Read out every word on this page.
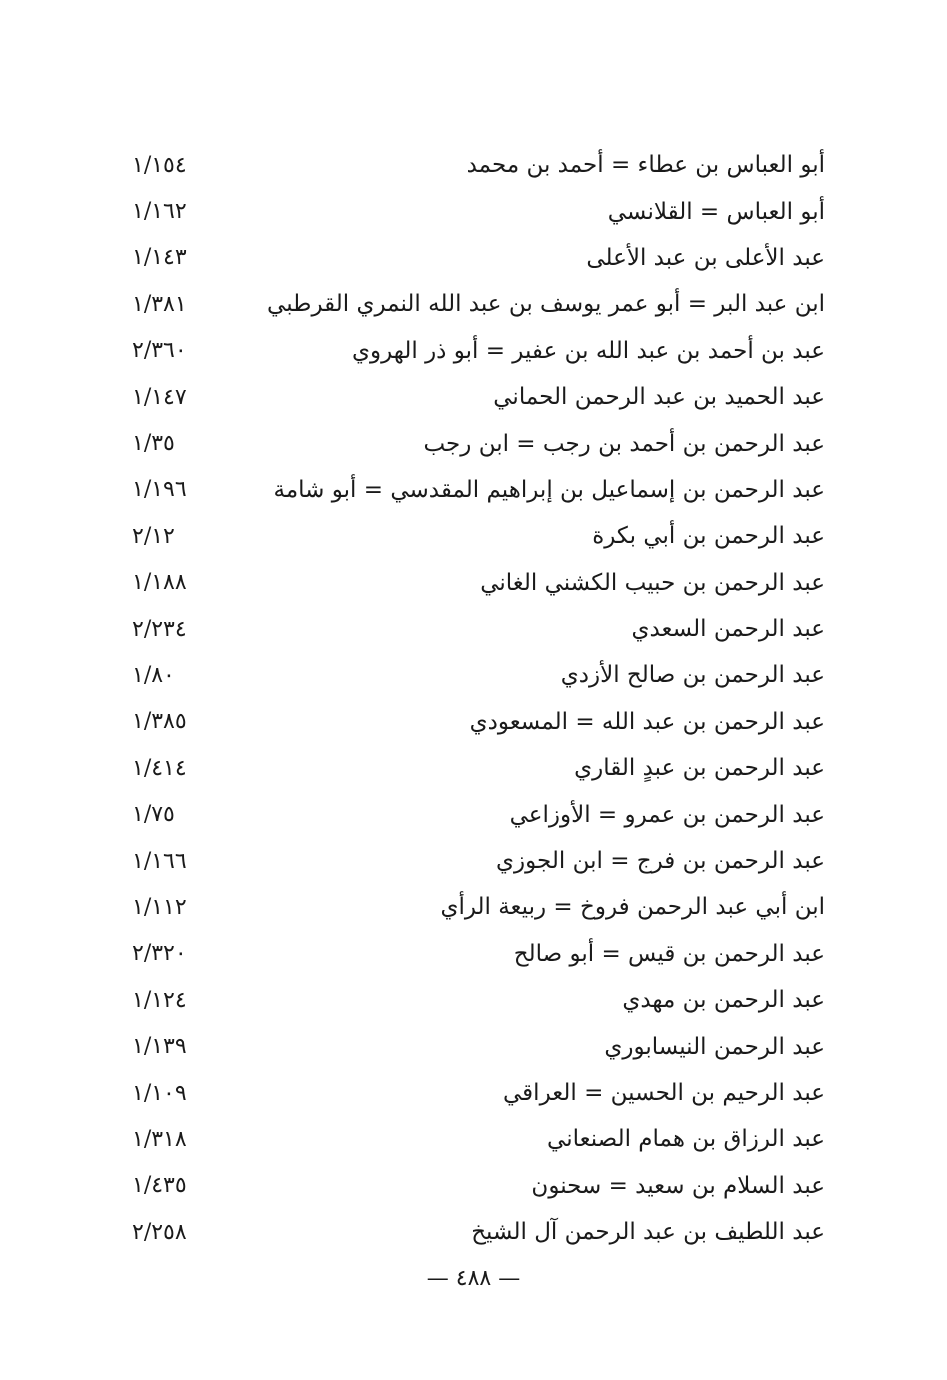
أبو العباس بن عطاء = أحمد بن محمد
١/١٥٤
أبو العباس = القلانسي
١/١٦٢
عبد الأعلى بن عبد الأعلى
١/١٤٣
ابن عبد البر = أبو عمر يوسف بن عبد الله النمري القرطبي
١/٣٨١
عبد بن أحمد بن عبد الله بن عفير = أبو ذر الهروي
٢/٣٦٠
عبد الحميد بن عبد الرحمن الحماني
١/١٤٧
عبد الرحمن بن أحمد بن رجب = ابن رجب
١/٣٥
عبد الرحمن بن إسماعيل بن إبراهيم المقدسي = أبو شامة
١/١٩٦
عبد الرحمن بن أبي بكرة
٢/١٢
عبد الرحمن بن حبيب الكشني الغاني
١/١٨٨
عبد الرحمن السعدي
٢/٢٣٤
عبد الرحمن بن صالح الأزدي
١/٨٠
عبد الرحمن بن عبد الله = المسعودي
١/٣٨٥
عبد الرحمن بن عبدٍ القاري
١/٤١٤
عبد الرحمن بن عمرو = الأوزاعي
١/٧٥
عبد الرحمن بن فرج = ابن الجوزي
١/١٦٦
ابن أبي عبد الرحمن فروخ = ربيعة الرأي
١/١١٢
عبد الرحمن بن قيس = أبو صالح
٢/٣٢٠
عبد الرحمن بن مهدي
١/١٢٤
عبد الرحمن النيسابوري
١/١٣٩
عبد الرحيم بن الحسين = العراقي
١/١٠٩
عبد الرزاق بن همام الصنعاني
١/٣١٨
عبد السلام بن سعيد = سحنون
١/٤٣٥
عبد اللطيف بن عبد الرحمن آل الشيخ
٢/٢٥٨
— ٤٨٨ —
